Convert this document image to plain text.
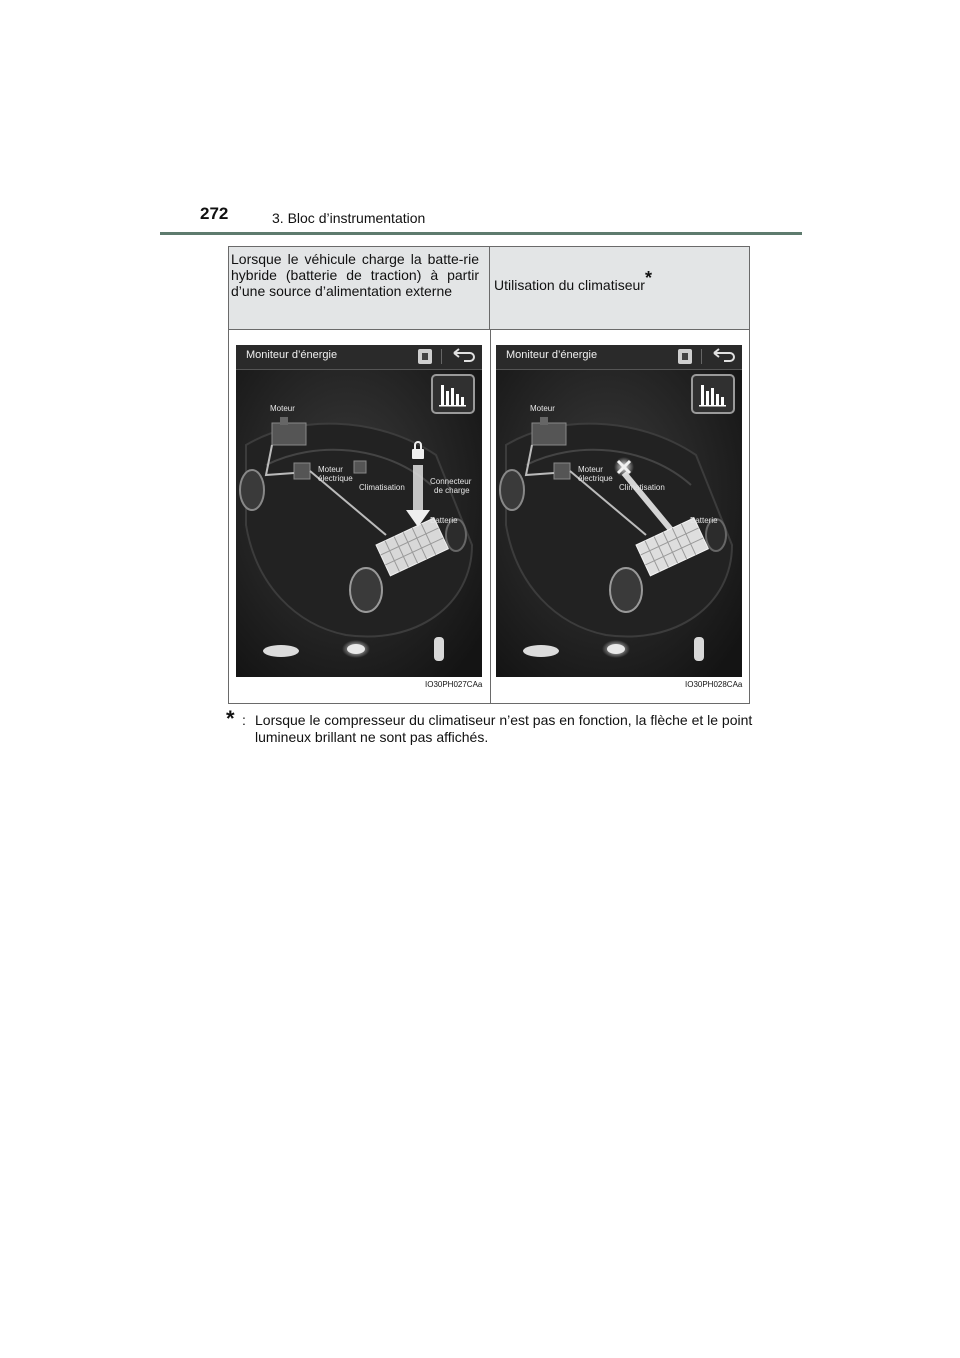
272	3. Bloc d’instrumentation
Lorsque le véhicule charge la batte-rie hybride (batterie de traction) à partir d’une source d’alimentation externe	Utilisation du climatiseur*
Moniteur d’énergie
Moteur
Moteur
électrique
Climatisation
Connecteur
de charge
Batterie
IO30PH027CAa
Moniteur d’énergie
Moteur
Moteur
électrique
Climatisation
Batterie
IO30PH028CAa
* : Lorsque le compresseur du climatiseur n’est pas en fonction, la flèche et le point lumineux brillant ne sont pas affichés.
